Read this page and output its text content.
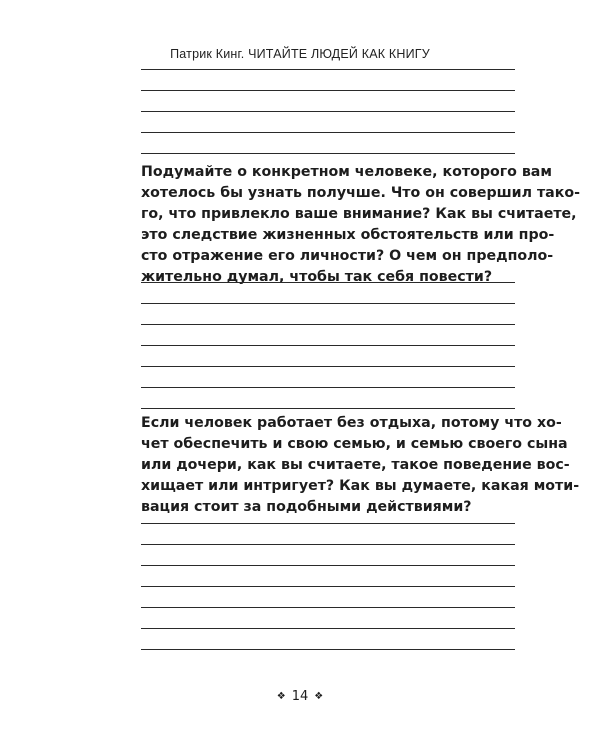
Патрик Кинг. ЧИТАЙТЕ ЛЮДЕЙ КАК КНИГУ

Подумайте о конкретном человеке, которого вам

хотелось бы узнать получше. Что он совершил тако-

го, что привлекло ваше внимание? Как вы считаете,

это следствие жизненных обстоятельств или про-

сто отражение его личности? О чем он предполо-

жительно думал, чтобы так себя повести?

Если человек работает без отдыха, потому что хо-

чет обеспечить и свою семью, и семью своего сына

или дочери, как вы считаете, такое поведение вос-

хищает или интригует? Как вы думаете, какая моти-

вация стоит за подобными действиями?

❖ 14 ❖
